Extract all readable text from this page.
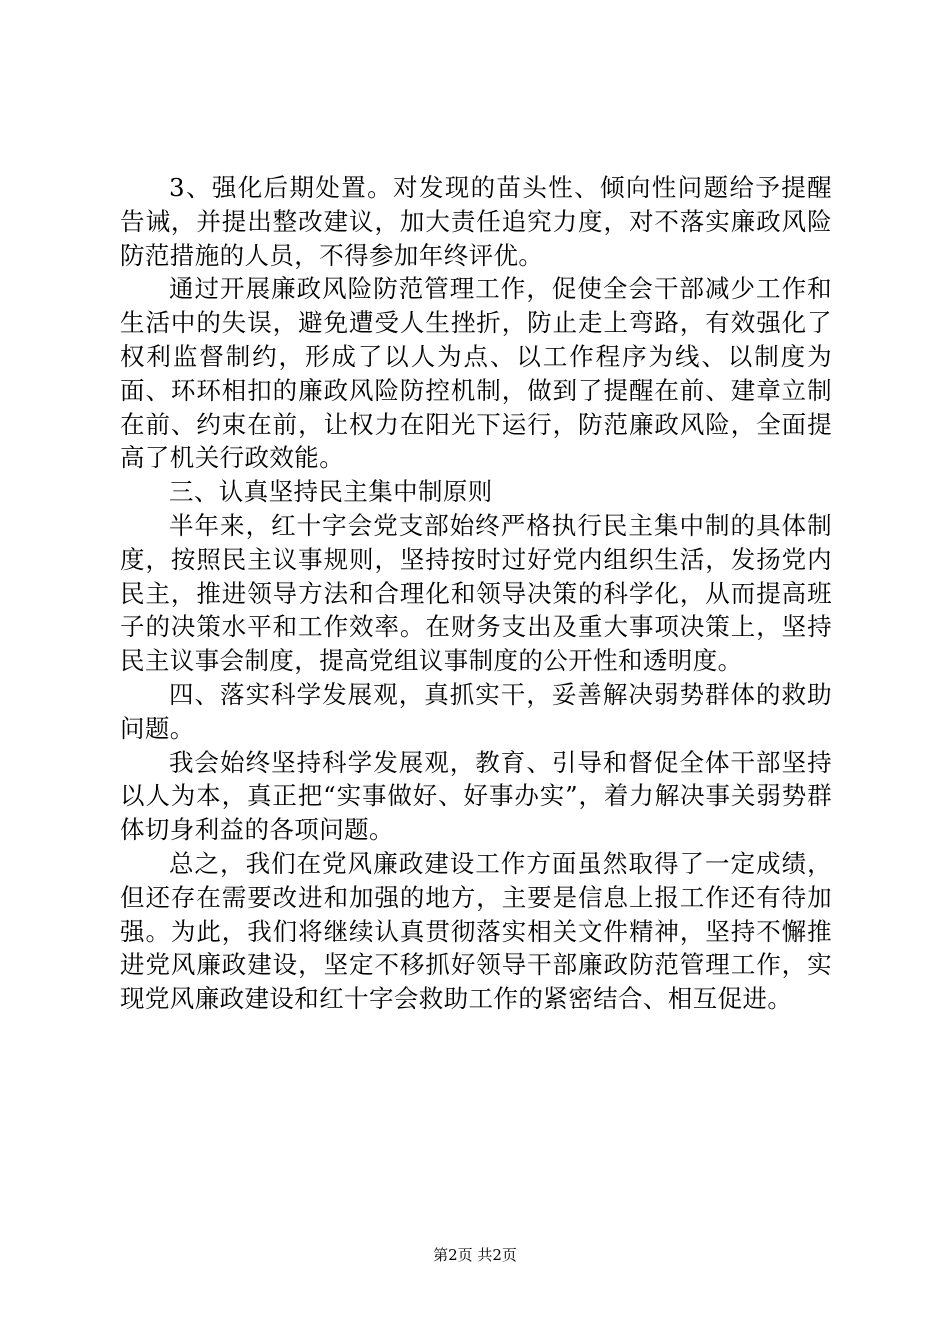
3、强化后期处置。对发现的苗头性、倾向性问题给予提醒告诫，并提出整改建议，加大责任追究力度，对不落实廉政风险防范措施的人员，不得参加年终评优。

通过开展廉政风险防范管理工作，促使全会干部减少工作和生活中的失误，避免遭受人生挫折，防止走上弯路，有效强化了权利监督制约，形成了以人为点、以工作程序为线、以制度为面、环环相扣的廉政风险防控机制，做到了提醒在前、建章立制在前、约束在前，让权力在阳光下运行，防范廉政风险，全面提高了机关行政效能。

三、认真坚持民主集中制原则

半年来，红十字会党支部始终严格执行民主集中制的具体制度，按照民主议事规则，坚持按时过好党内组织生活，发扬党内民主，推进领导方法和合理化和领导决策的科学化，从而提高班子的决策水平和工作效率。在财务支出及重大事项决策上，坚持民主议事会制度，提高党组议事制度的公开性和透明度。

四、落实科学发展观，真抓实干，妥善解决弱势群体的救助问题。

我会始终坚持科学发展观，教育、引导和督促全体干部坚持以人为本，真正把“实事做好、好事办实”，着力解决事关弱势群体切身利益的各项问题。

总之，我们在党风廉政建设工作方面虽然取得了一定成绩，但还存在需要改进和加强的地方，主要是信息上报工作还有待加强。为此，我们将继续认真贯彻落实相关文件精神，坚持不懈推进党风廉政建设，坚定不移抓好领导干部廉政防范管理工作，实现党风廉政建设和红十字会救助工作的紧密结合、相互促进。

第2页 共2页
